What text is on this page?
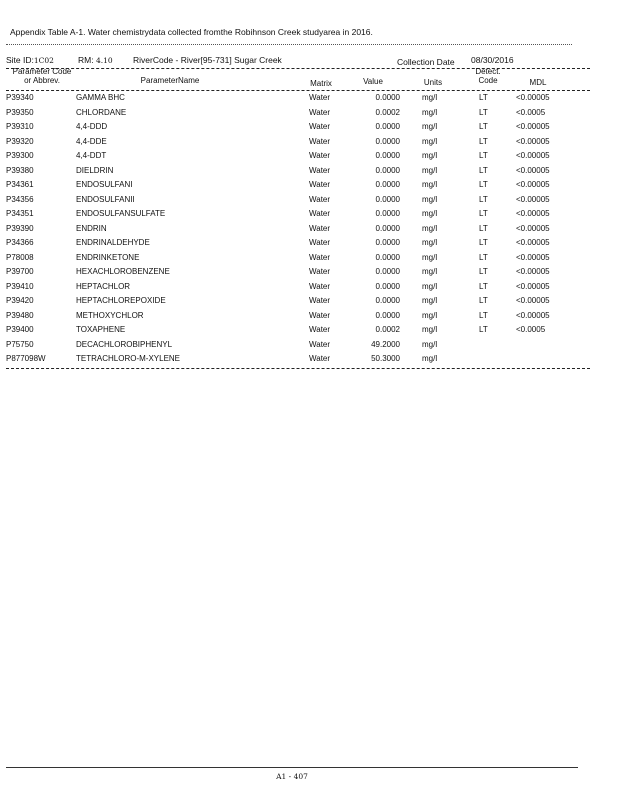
Appendix Table A-1. Water chemistrydata collected fromthe Robihnson Creek studyarea in 2016.
Site ID:1C02	RM: 4.10 RiverCode - River[95-731] Sugar Creek	Collection Date 08/30/2016
Parameter Code
or Abbrev.	ParameterName	Matrix	Value	Units
Detect.
Code	MDL
P39340	GAMMA BHC	Water	0.0000	mg/l	LT	<0.00005
P39350	CHLORDANE	Water	0.0002	mg/l	LT	<0.0005
P39310	4,4-DDD	Water	0.0000	mg/l	LT	<0.00005
P39320	4,4-DDE	Water	0.0000	mg/l	LT	<0.00005
P39300	4,4-DDT	Water	0.0000	mg/l	LT	<0.00005
P39380	DIELDRIN	Water	0.0000	mg/l	LT	<0.00005
P34361	ENDOSULFANI	Water	0.0000	mg/l	LT	<0.00005
P34356	ENDOSULFANII	Water	0.0000	mg/l	LT	<0.00005
P34351	ENDOSULFANSULFATE	Water	0.0000	mg/l	LT	<0.00005
P39390	ENDRIN	Water	0.0000	mg/l	LT	<0.00005
P34366	ENDRINALDEHYDE	Water	0.0000	mg/l	LT	<0.00005
P78008	ENDRINKETONE	Water	0.0000	mg/l	LT	<0.00005
P39700	HEXACHLOROBENZENE	Water	0.0000	mg/l	LT	<0.00005
P39410	HEPTACHLOR	Water	0.0000	mg/l	LT	<0.00005
P39420	HEPTACHLOREPOXIDE	Water	0.0000	mg/l	LT	<0.00005
P39480	METHOXYCHLOR	Water	0.0000	mg/l	LT	<0.00005
P39400	TOXAPHENE	Water	0.0002	mg/l	LT	<0.0005
P75750	DECACHLOROBIPHENYL	Water	49.2000	mg/l
P877098W	TETRACHLORO-M-XYLENE	Water	50.3000	mg/l
A1 - 407
